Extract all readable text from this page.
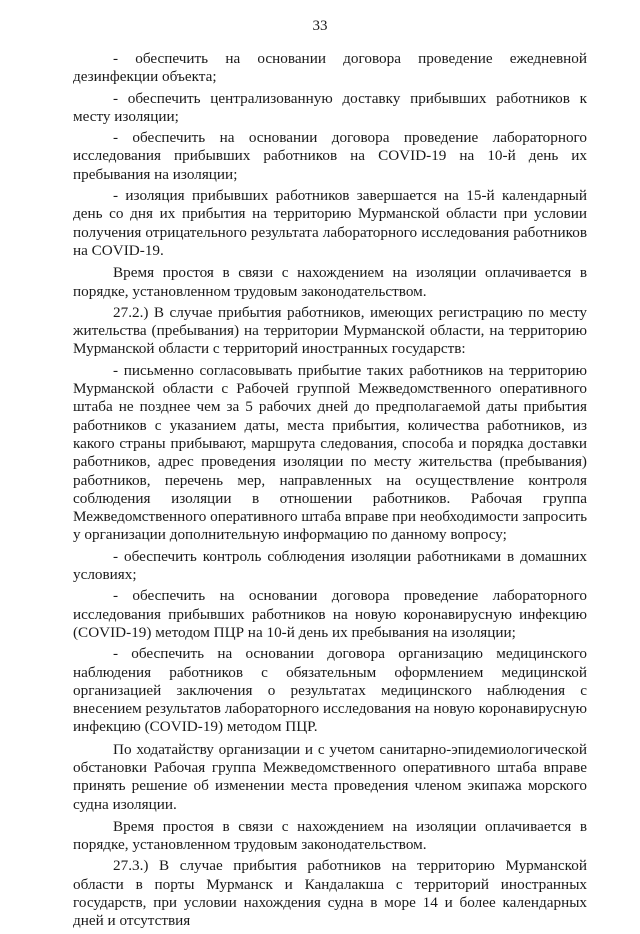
33

- обеспечить на основании договора проведение ежедневной дезинфекции объекта;

- обеспечить централизованную доставку прибывших работников к месту изоляции;

- обеспечить на основании договора проведение лабораторного исследования прибывших работников на COVID-19 на 10-й день их пребывания на изоляции;

- изоляция прибывших работников завершается на 15-й календарный день со дня их прибытия на территорию Мурманской области при условии получения отрицательного результата лабораторного исследования работников на COVID-19.

Время простоя в связи с нахождением на изоляции оплачивается в порядке, установленном трудовым законодательством.

27.2.) В случае прибытия работников, имеющих регистрацию по месту жительства (пребывания) на территории Мурманской области, на территорию Мурманской области с территорий иностранных государств:

- письменно согласовывать прибытие таких работников на территорию Мурманской области с Рабочей группой Межведомственного оперативного штаба не позднее чем за 5 рабочих дней до предполагаемой даты прибытия работников с указанием даты, места прибытия, количества работников, из какого страны прибывают, маршрута следования, способа и порядка доставки работников, адрес проведения изоляции по месту жительства (пребывания) работников, перечень мер, направленных на осуществление контроля соблюдения изоляции в отношении работников. Рабочая группа Межведомственного оперативного штаба вправе при необходимости запросить у организации дополнительную информацию по данному вопросу;

- обеспечить контроль соблюдения изоляции работниками в домашних условиях;

- обеспечить на основании договора проведение лабораторного исследования прибывших работников на новую коронавирусную инфекцию (COVID-19) методом ПЦР на 10-й день их пребывания на изоляции;

- обеспечить на основании договора организацию медицинского наблюдения работников с обязательным оформлением медицинской организацией заключения о результатах медицинского наблюдения с внесением результатов лабораторного исследования на новую коронавирусную инфекцию (COVID-19) методом ПЦР.

По ходатайству организации и с учетом санитарно-эпидемиологической обстановки Рабочая группа Межведомственного оперативного штаба вправе принять решение об изменении места проведения членом экипажа морского судна изоляции.

Время простоя в связи с нахождением на изоляции оплачивается в порядке, установленном трудовым законодательством.

27.3.) В случае прибытия работников на территорию Мурманской области в порты Мурманск и Кандалакша с территорий иностранных государств, при условии нахождения судна в море 14 и более календарных дней и отсутствия
